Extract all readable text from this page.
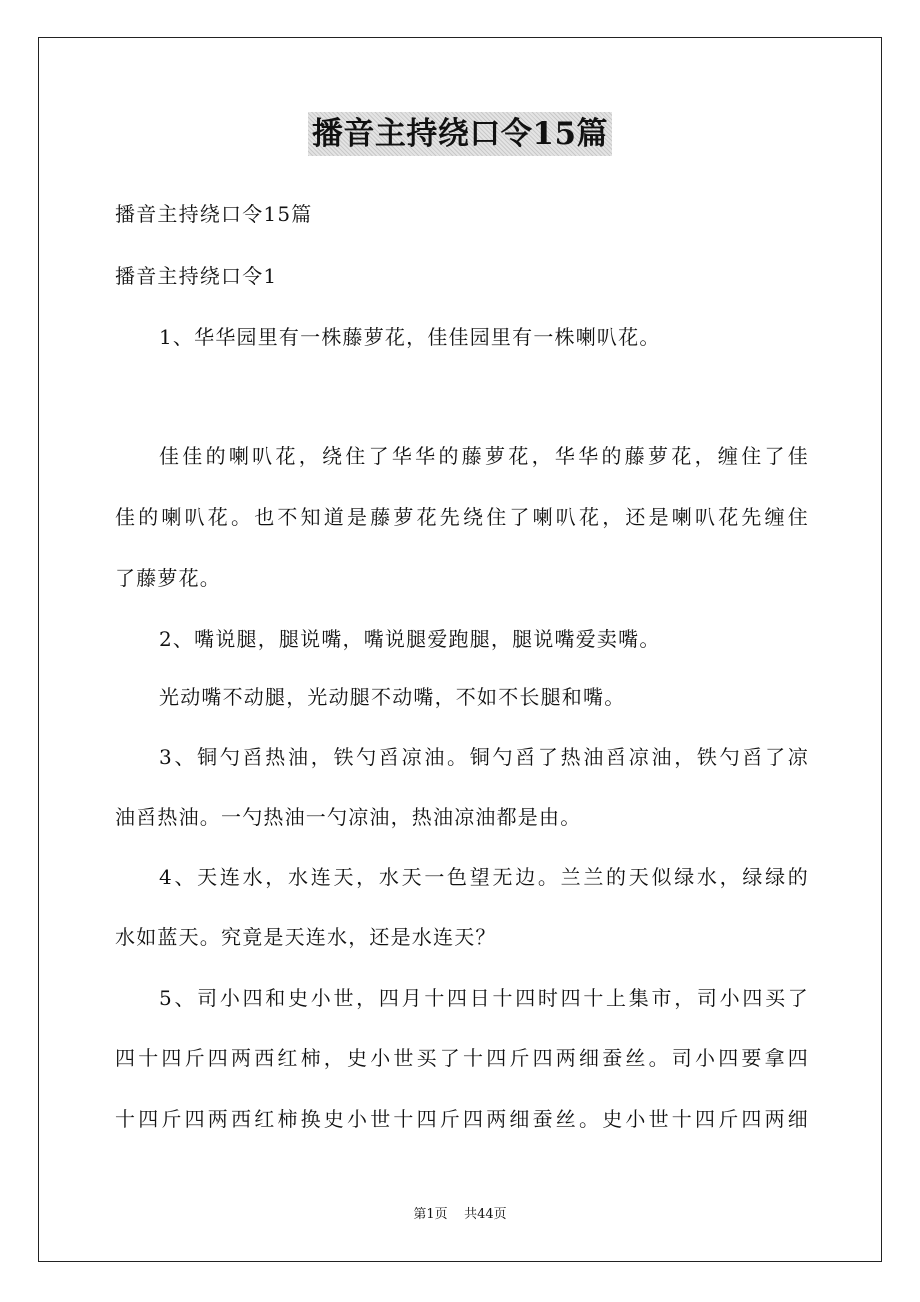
播音主持绕口令15篇
播音主持绕口令15篇
播音主持绕口令1
1、华华园里有一株藤萝花，佳佳园里有一株喇叭花。
佳佳的喇叭花，绕住了华华的藤萝花，华华的藤萝花，缠住了佳
佳的喇叭花。也不知道是藤萝花先绕住了喇叭花，还是喇叭花先缠住
了藤萝花。
2、嘴说腿，腿说嘴，嘴说腿爱跑腿，腿说嘴爱卖嘴。
光动嘴不动腿，光动腿不动嘴，不如不长腿和嘴。
3、铜勺舀热油，铁勺舀凉油。铜勺舀了热油舀凉油，铁勺舀了凉
油舀热油。一勺热油一勺凉油，热油凉油都是由。
4、天连水，水连天，水天一色望无边。兰兰的天似绿水，绿绿的
水如蓝天。究竟是天连水，还是水连天？
5、司小四和史小世，四月十四日十四时四十上集市，司小四买了
四十四斤四两西红柿，史小世买了十四斤四两细蚕丝。司小四要拿四
十四斤四两西红柿换史小世十四斤四两细蚕丝。史小世十四斤四两细
第1页 共44页
